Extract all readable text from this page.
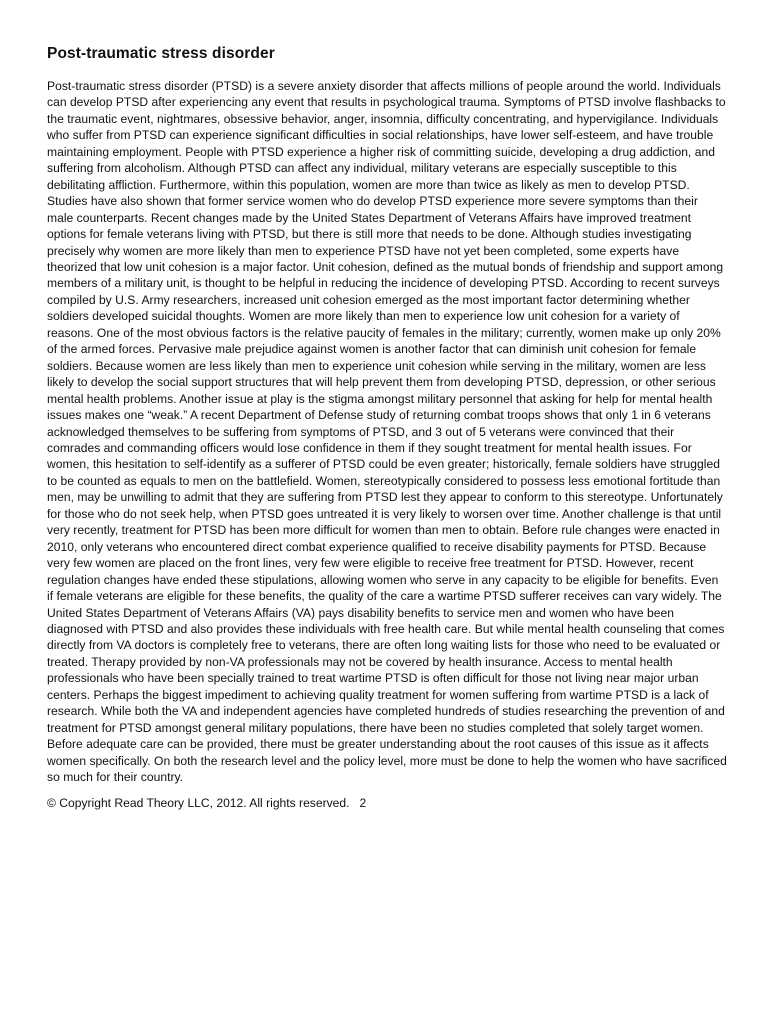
Post-traumatic stress disorder

Post-traumatic stress disorder (PTSD) is a severe anxiety disorder that affects millions of people around the world. Individuals can develop PTSD after experiencing any event that results in psychological trauma. Symptoms of PTSD involve flashbacks to the traumatic event, nightmares, obsessive behavior, anger, insomnia, difficulty concentrating, and hypervigilance. Individuals who suffer from PTSD can experience significant difficulties in social relationships, have lower self-esteem, and have trouble maintaining employment. People with PTSD experience a higher risk of committing suicide, developing a drug addiction, and suffering from alcoholism. Although PTSD can affect any individual, military veterans are especially susceptible to this debilitating affliction. Furthermore, within this population, women are more than twice as likely as men to develop PTSD. Studies have also shown that former service women who do develop PTSD experience more severe symptoms than their male counterparts. Recent changes made by the United States Department of Veterans Affairs have improved treatment options for female veterans living with PTSD, but there is still more that needs to be done. Although studies investigating precisely why women are more likely than men to experience PTSD have not yet been completed, some experts have theorized that low unit cohesion is a major factor. Unit cohesion, defined as the mutual bonds of friendship and support among members of a military unit, is thought to be helpful in reducing the incidence of developing PTSD. According to recent surveys compiled by U.S. Army researchers, increased unit cohesion emerged as the most important factor determining whether soldiers developed suicidal thoughts. Women are more likely than men to experience low unit cohesion for a variety of reasons. One of the most obvious factors is the relative paucity of females in the military; currently, women make up only 20% of the armed forces. Pervasive male prejudice against women is another factor that can diminish unit cohesion for female soldiers. Because women are less likely than men to experience unit cohesion while serving in the military, women are less likely to develop the social support structures that will help prevent them from developing PTSD, depression, or other serious mental health problems. Another issue at play is the stigma amongst military personnel that asking for help for mental health issues makes one “weak.” A recent Department of Defense study of returning combat troops shows that only 1 in 6 veterans acknowledged themselves to be suffering from symptoms of PTSD, and 3 out of 5 veterans were convinced that their comrades and commanding officers would lose confidence in them if they sought treatment for mental health issues. For women, this hesitation to self-identify as a sufferer of PTSD could be even greater; historically, female soldiers have struggled to be counted as equals to men on the battlefield. Women, stereotypically considered to possess less emotional fortitude than men, may be unwilling to admit that they are suffering from PTSD lest they appear to conform to this stereotype. Unfortunately for those who do not seek help, when PTSD goes untreated it is very likely to worsen over time. Another challenge is that until very recently, treatment for PTSD has been more difficult for women than men to obtain. Before rule changes were enacted in 2010, only veterans who encountered direct combat experience qualified to receive disability payments for PTSD. Because very few women are placed on the front lines, very few were eligible to receive free treatment for PTSD. However, recent regulation changes have ended these stipulations, allowing women who serve in any capacity to be eligible for benefits. Even if female veterans are eligible for these benefits, the quality of the care a wartime PTSD sufferer receives can vary widely. The United States Department of Veterans Affairs (VA) pays disability benefits to service men and women who have been diagnosed with PTSD and also provides these individuals with free health care. But while mental health counseling that comes directly from VA doctors is completely free to veterans, there are often long waiting lists for those who need to be evaluated or treated. Therapy provided by non-VA professionals may not be covered by health insurance. Access to mental health professionals who have been specially trained to treat wartime PTSD is often difficult for those not living near major urban centers. Perhaps the biggest impediment to achieving quality treatment for women suffering from wartime PTSD is a lack of research. While both the VA and independent agencies have completed hundreds of studies researching the prevention of and treatment for PTSD amongst general military populations, there have been no studies completed that solely target women. Before adequate care can be provided, there must be greater understanding about the root causes of this issue as it affects women specifically. On both the research level and the policy level, more must be done to help the women who have sacrificed so much for their country.

© Copyright Read Theory LLC, 2012. All rights reserved. 2
